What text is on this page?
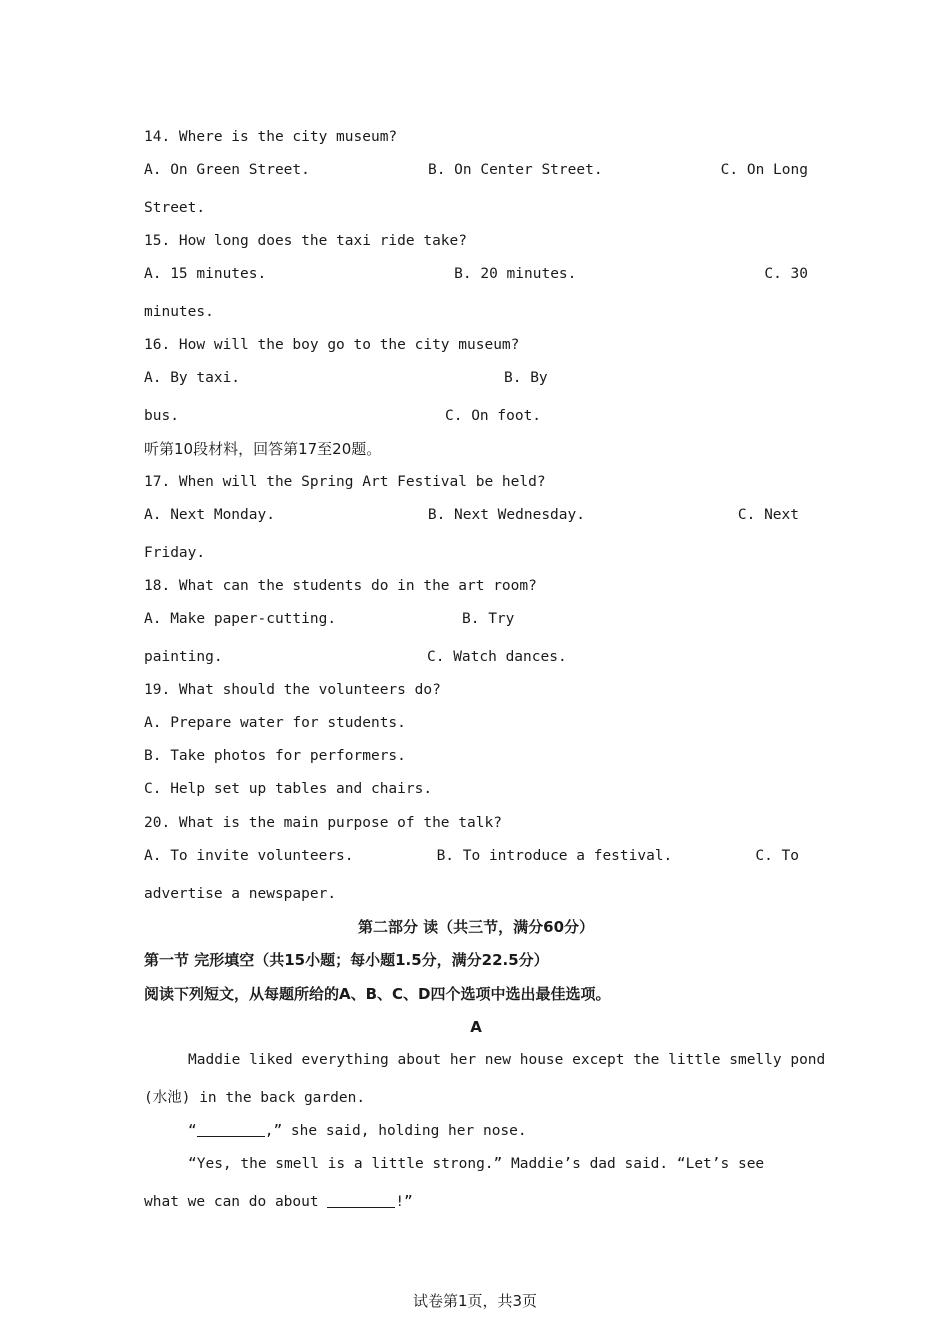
14. Where is the city museum?
A. On Green Street.	B. On Center Street.	C. On Long
Street.
15. How long does the taxi ride take?
A. 15 minutes.	B. 20 minutes.	C. 30
minutes.
16. How will the boy go to the city museum?
A. By taxi.	B. By
bus.	C. On foot.
听第10段材料，回答第17至20题。
17. When will the Spring Art Festival be held?
A. Next Monday.	B. Next Wednesday.	C. Next
Friday.
18. What can the students do in the art room?
A. Make paper-cutting.	B. Try
painting.	C. Watch dances.
19. What should the volunteers do?
A. Prepare water for students.
B. Take photos for performers.
C. Help set up tables and chairs.
20. What is the main purpose of the talk?
A. To invite volunteers.	B. To introduce a festival.	C. To
advertise a newspaper.
第二部分 读（共三节，满分60分）
第一节 完形填空（共15小题；每小题1.5分，满分22.5分）
阅读下列短文，从每题所给的A、B、C、D四个选项中选出最佳选项。
A
Maddie liked everything about her new house except the little smelly pond
(水池) in the back garden.
“	,” she said, holding her nose.
“Yes, the smell is a little strong.” Maddie’s dad said. “Let’s see
what we can do about	!”
试卷第1页，共3页
